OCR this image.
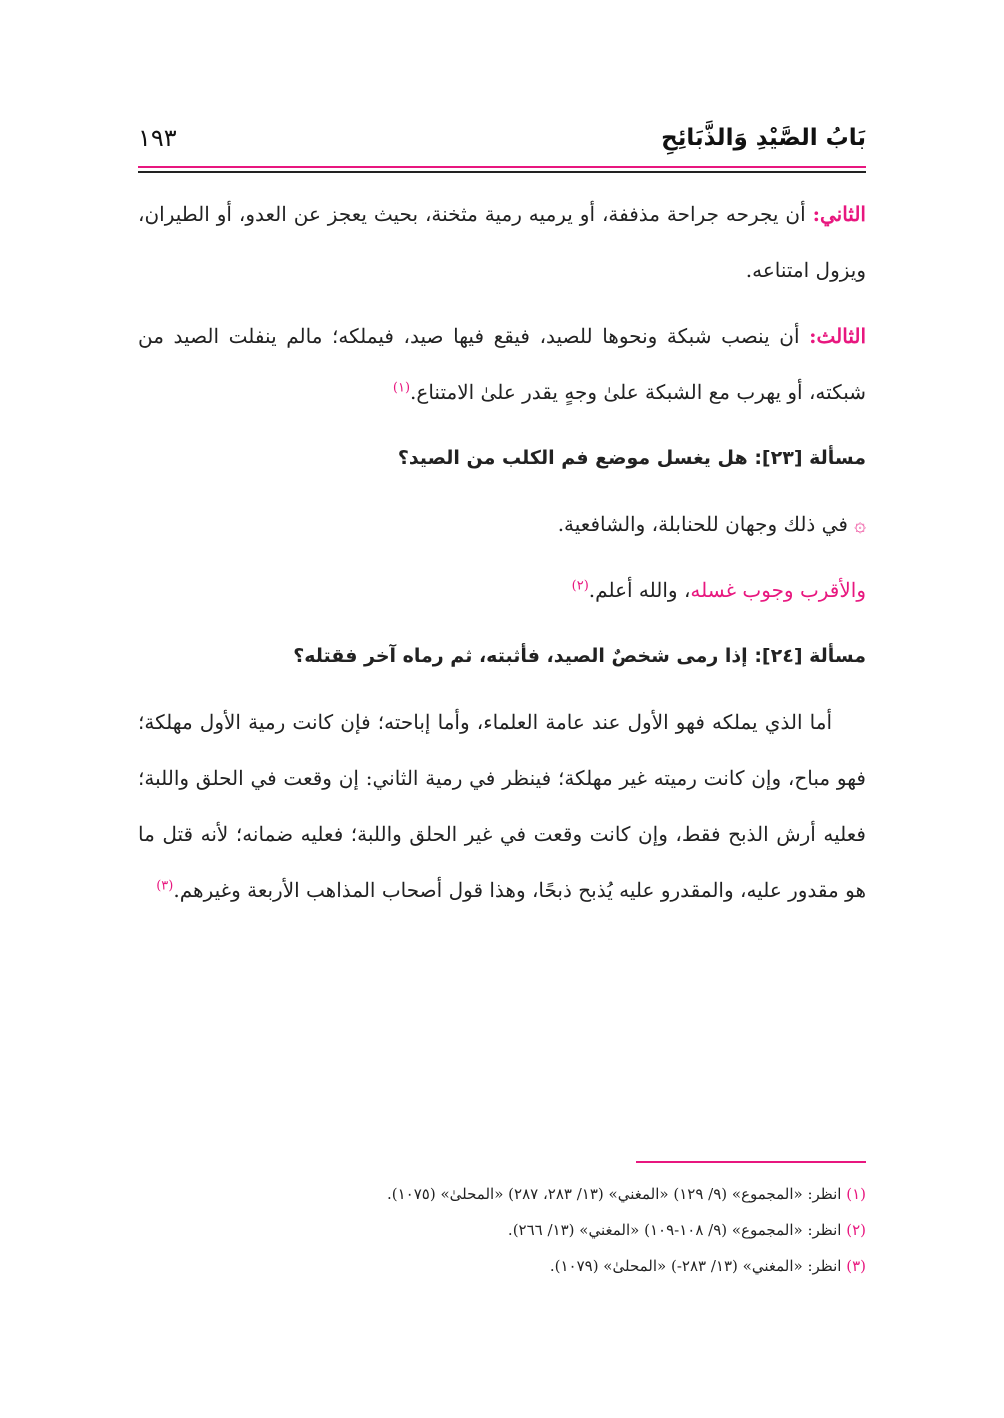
بَابُ الصَّيْدِ وَالذَّبَائِحِ
١٩٣

الثاني: أن يجرحه جراحة مذففة، أو يرميه رمية مثخنة، بحيث يعجز عن العدو، أو الطيران، ويزول امتناعه.

الثالث: أن ينصب شبكة ونحوها للصيد، فيقع فيها صيد، فيملكه؛ مالم ينفلت الصيد من شبكته، أو يهرب مع الشبكة علىٰ وجهٍ يقدر علىٰ الامتناع.$^{(١)}$

مسألة [٢٣]: هل يغسل موضع فم الكلب من الصيد؟

۞ في ذلك وجهان للحنابلة، والشافعية.

والأقرب وجوب غسله، والله أعلم.$^{(٢)}$

مسألة [٢٤]: إذا رمى شخصٌ الصيد، فأثبته، ثم رماه آخر فقتله؟

أما الذي يملكه فهو الأول عند عامة العلماء، وأما إباحته؛ فإن كانت رمية الأول مهلكة؛ فهو مباح، وإن كانت رميته غير مهلكة؛ فينظر في رمية الثاني: إن وقعت في الحلق واللبة؛ فعليه أرش الذبح فقط، وإن كانت وقعت في غير الحلق واللبة؛ فعليه ضمانه؛ لأنه قتل ما هو مقدور عليه، والمقدرو عليه يُذبح ذبحًا، وهذا قول أصحاب المذاهب الأربعة وغيرهم.$^{(٣)}$

(١) انظر: «المجموع» (٩/ ١٢٩) «المغني» (١٣/ ٢٨٣، ٢٨٧) «المحلىٰ» (١٠٧٥).
(٢) انظر: «المجموع» (٩/ ١٠٨-١٠٩) «المغني» (١٣/ ٢٦٦).
(٣) انظر: «المغني» (١٣/ ٢٨٣-) «المحلىٰ» (١٠٧٩).
